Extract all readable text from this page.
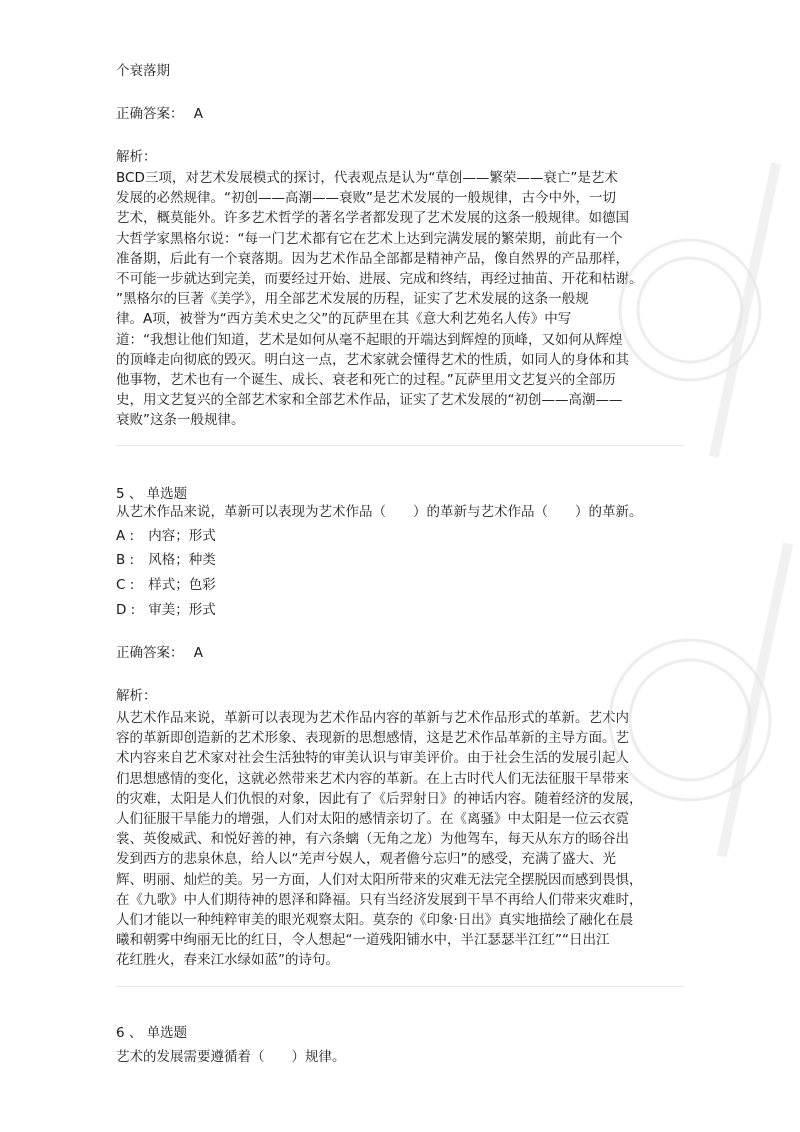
个衰落期
正确答案： A
解析：
BCD三项，对艺术发展模式的探讨，代表观点是认为“草创——繁荣——衰亡”是艺术
发展的必然规律。“初创——高潮——衰败”是艺术发展的一般规律，古今中外，一切
艺术，概莫能外。许多艺术哲学的著名学者都发现了艺术发展的这条一般规律。如德国
大哲学家黑格尔说：“每一门艺术都有它在艺术上达到完满发展的繁荣期，前此有一个
准备期，后此有一个衰落期。因为艺术作品全部都是精神产品，像自然界的产品那样，
不可能一步就达到完美，而要经过开始、进展、完成和终结，再经过抽苗、开花和枯谢。
”黑格尔的巨著《美学》，用全部艺术发展的历程，证实了艺术发展的这条一般规
律。A项，被誉为“西方美术史之父”的瓦萨里在其《意大利艺苑名人传》中写
道：“我想让他们知道，艺术是如何从毫不起眼的开端达到辉煌的顶峰，又如何从辉煌
的顶峰走向彻底的毁灭。明白这一点，艺术家就会懂得艺术的性质，如同人的身体和其
他事物，艺术也有一个诞生、成长、衰老和死亡的过程。”瓦萨里用文艺复兴的全部历
史，用文艺复兴的全部艺术家和全部艺术作品，证实了艺术发展的“初创——高潮——
衰败”这条一般规律。
5 、 单选题
从艺术作品来说，革新可以表现为艺术作品（　　）的革新与艺术作品（　　）的革新。
A : 内容；形式
B : 风格；种类
C : 样式；色彩
D : 审美；形式
正确答案： A
解析：
从艺术作品来说，革新可以表现为艺术作品内容的革新与艺术作品形式的革新。艺术内
容的革新即创造新的艺术形象、表现新的思想感情，这是艺术作品革新的主导方面。艺
术内容来自艺术家对社会生活独特的审美认识与审美评价。由于社会生活的发展引起人
们思想感情的变化，这就必然带来艺术内容的革新。在上古时代人们无法征服干旱带来
的灾难，太阳是人们仇恨的对象，因此有了《后羿射日》的神话内容。随着经济的发展，
人们征服干旱能力的增强，人们对太阳的感情亲切了。在《离骚》中太阳是一位云衣霓
裳、英俊威武、和悦好善的神，有六条螭（无角之龙）为他驾车，每天从东方的旸谷出
发到西方的悲泉休息，给人以“羌声兮娱人，观者儋兮忘归”的感受，充满了盛大、光
辉、明丽、灿烂的美。另一方面，人们对太阳所带来的灾难无法完全摆脱因而感到畏惧，
在《九歌》中人们期待神的恩泽和降福。只有当经济发展到干旱不再给人们带来灾难时，
人们才能以一种纯粹审美的眼光观察太阳。莫奈的《印象·日出》真实地描绘了融化在晨
曦和朝雾中绚丽无比的红日，令人想起“一道残阳铺水中，半江瑟瑟半江红”“日出江
花红胜火，春来江水绿如蓝”的诗句。
6 、 单选题
艺术的发展需要遵循着（　　）规律。
